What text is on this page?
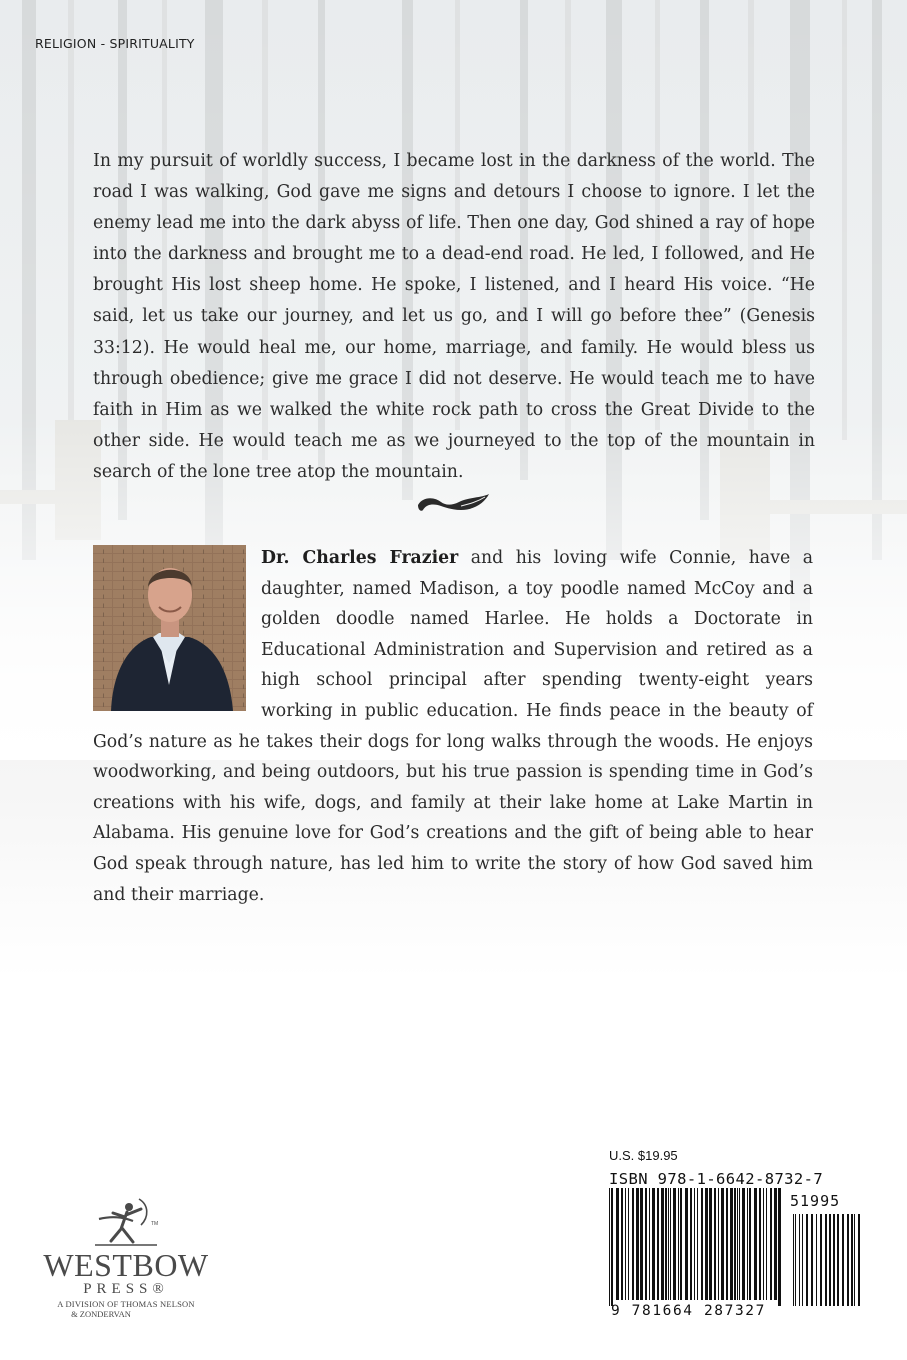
RELIGION - SPIRITUALITY

In my pursuit of worldly success, I became lost in the darkness of the world. The road I was walking, God gave me signs and detours I choose to ignore. I let the enemy lead me into the dark abyss of life. Then one day, God shined a ray of hope into the darkness and brought me to a dead-end road. He led, I followed, and He brought His lost sheep home. He spoke, I listened, and I heard His voice. “He said, let us take our journey, and let us go, and I will go before thee” (Genesis 33:12). He would heal me, our home, marriage, and family. He would bless us through obedience; give me grace I did not deserve. He would teach me to have faith in Him as we walked the white rock path to cross the Great Divide to the other side. He would teach me as we journeyed to the top of the mountain in search of the lone tree atop the mountain.

Dr. Charles Frazier and his loving wife Connie, have a daughter, named Madison, a toy poodle named McCoy and a golden doodle named Harlee. He holds a Doctorate in Educational Administration and Supervision and retired as a high school principal after spending twenty-eight years working in public education. He finds peace in the beauty of God’s nature as he takes their dogs for long walks through the woods. He enjoys woodworking, and being outdoors, but his true passion is spending time in God’s creations with his wife, dogs, and family at their lake home at Lake Martin in Alabama. His genuine love for God’s creations and the gift of being able to hear God speak through nature, has led him to write the story of how God saved him and their marriage.

TM
WESTBOW
PRESS®
A DIVISION OF THOMAS NELSON
& ZONDERVAN
U.S. $19.95
ISBN 978-1-6642-8732-7
51995
9 781664 287327
